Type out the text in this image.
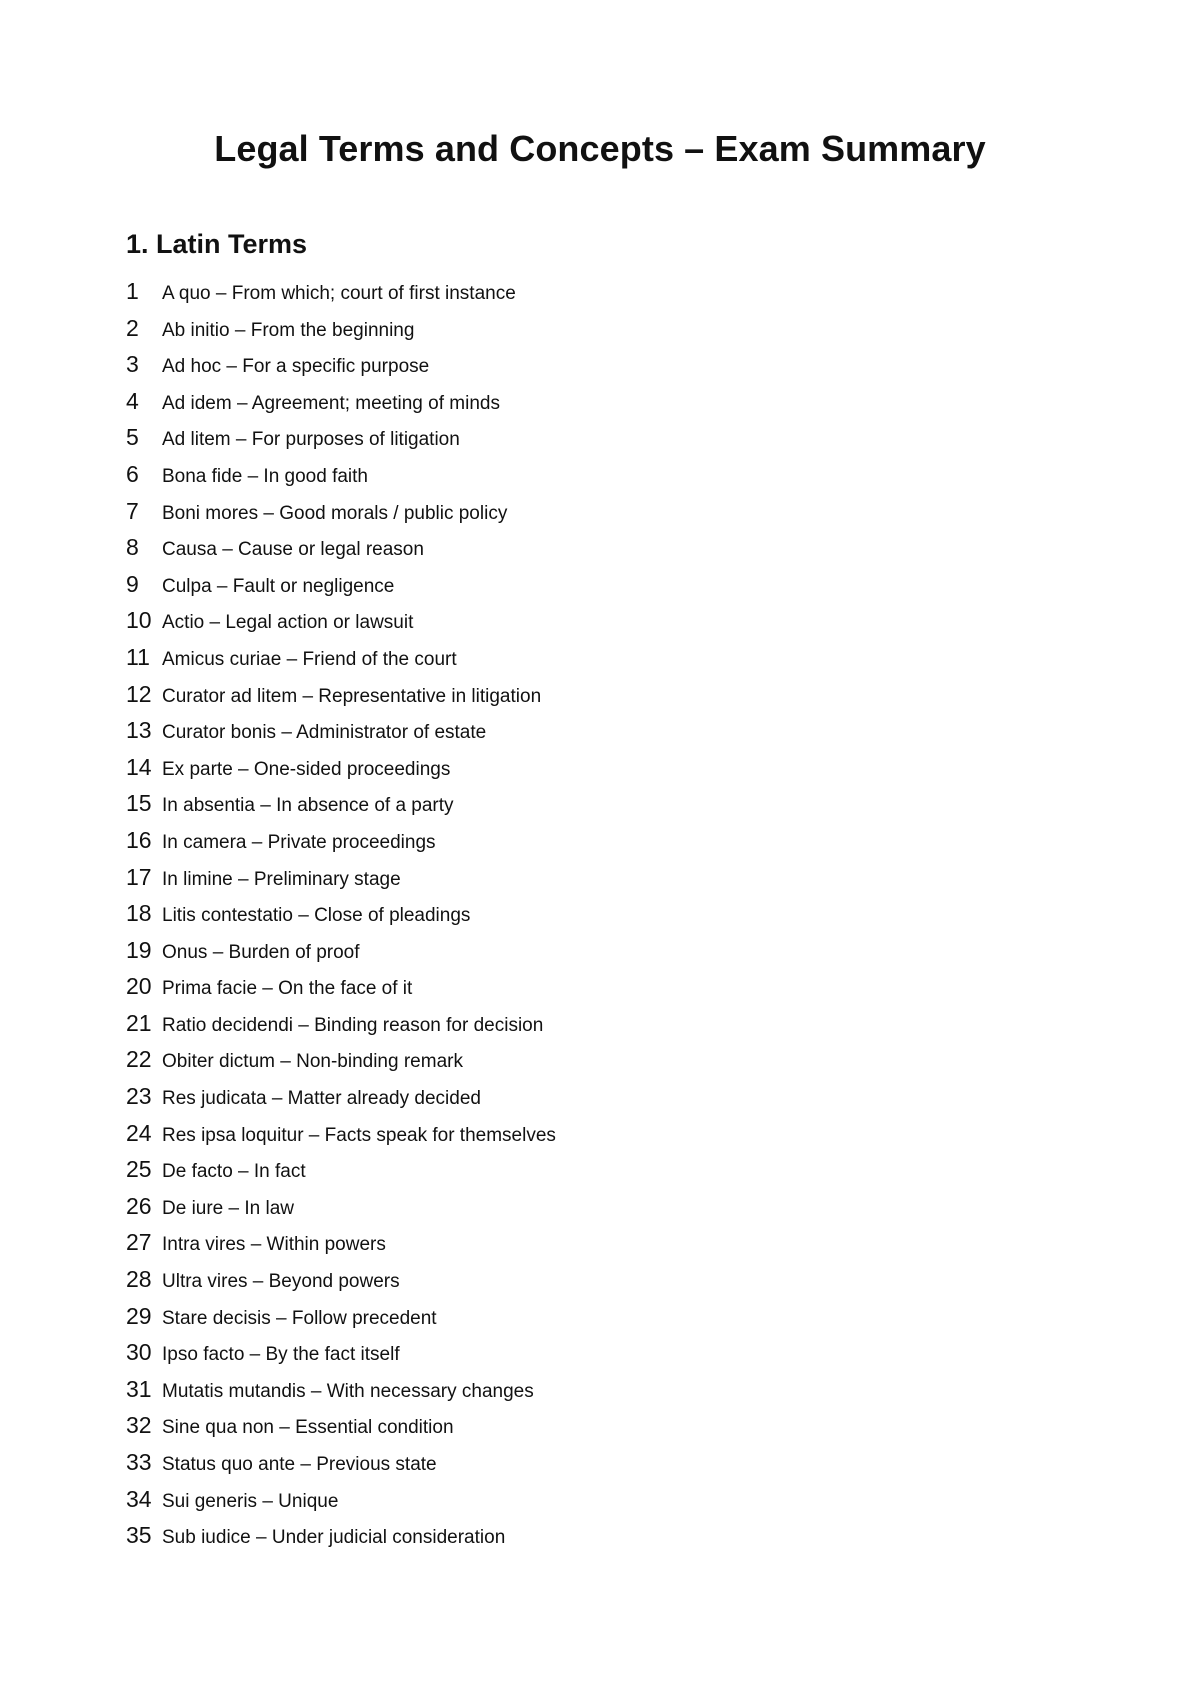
Legal Terms and Concepts – Exam Summary
1. Latin Terms
1	A quo – From which; court of first instance
2	Ab initio – From the beginning
3	Ad hoc – For a specific purpose
4	Ad idem – Agreement; meeting of minds
5	Ad litem – For purposes of litigation
6	Bona fide – In good faith
7	Boni mores – Good morals / public policy
8	Causa – Cause or legal reason
9	Culpa – Fault or negligence
10 Actio – Legal action or lawsuit
11 Amicus curiae – Friend of the court
12 Curator ad litem – Representative in litigation
13 Curator bonis – Administrator of estate
14 Ex parte – One-sided proceedings
15 In absentia – In absence of a party
16 In camera – Private proceedings
17 In limine – Preliminary stage
18 Litis contestatio – Close of pleadings
19 Onus – Burden of proof
20 Prima facie – On the face of it
21 Ratio decidendi – Binding reason for decision
22 Obiter dictum – Non-binding remark
23 Res judicata – Matter already decided
24 Res ipsa loquitur – Facts speak for themselves
25 De facto – In fact
26 De iure – In law
27 Intra vires – Within powers
28 Ultra vires – Beyond powers
29 Stare decisis – Follow precedent
30 Ipso facto – By the fact itself
31 Mutatis mutandis – With necessary changes
32 Sine qua non – Essential condition
33 Status quo ante – Previous state
34 Sui generis – Unique
35 Sub iudice – Under judicial consideration
